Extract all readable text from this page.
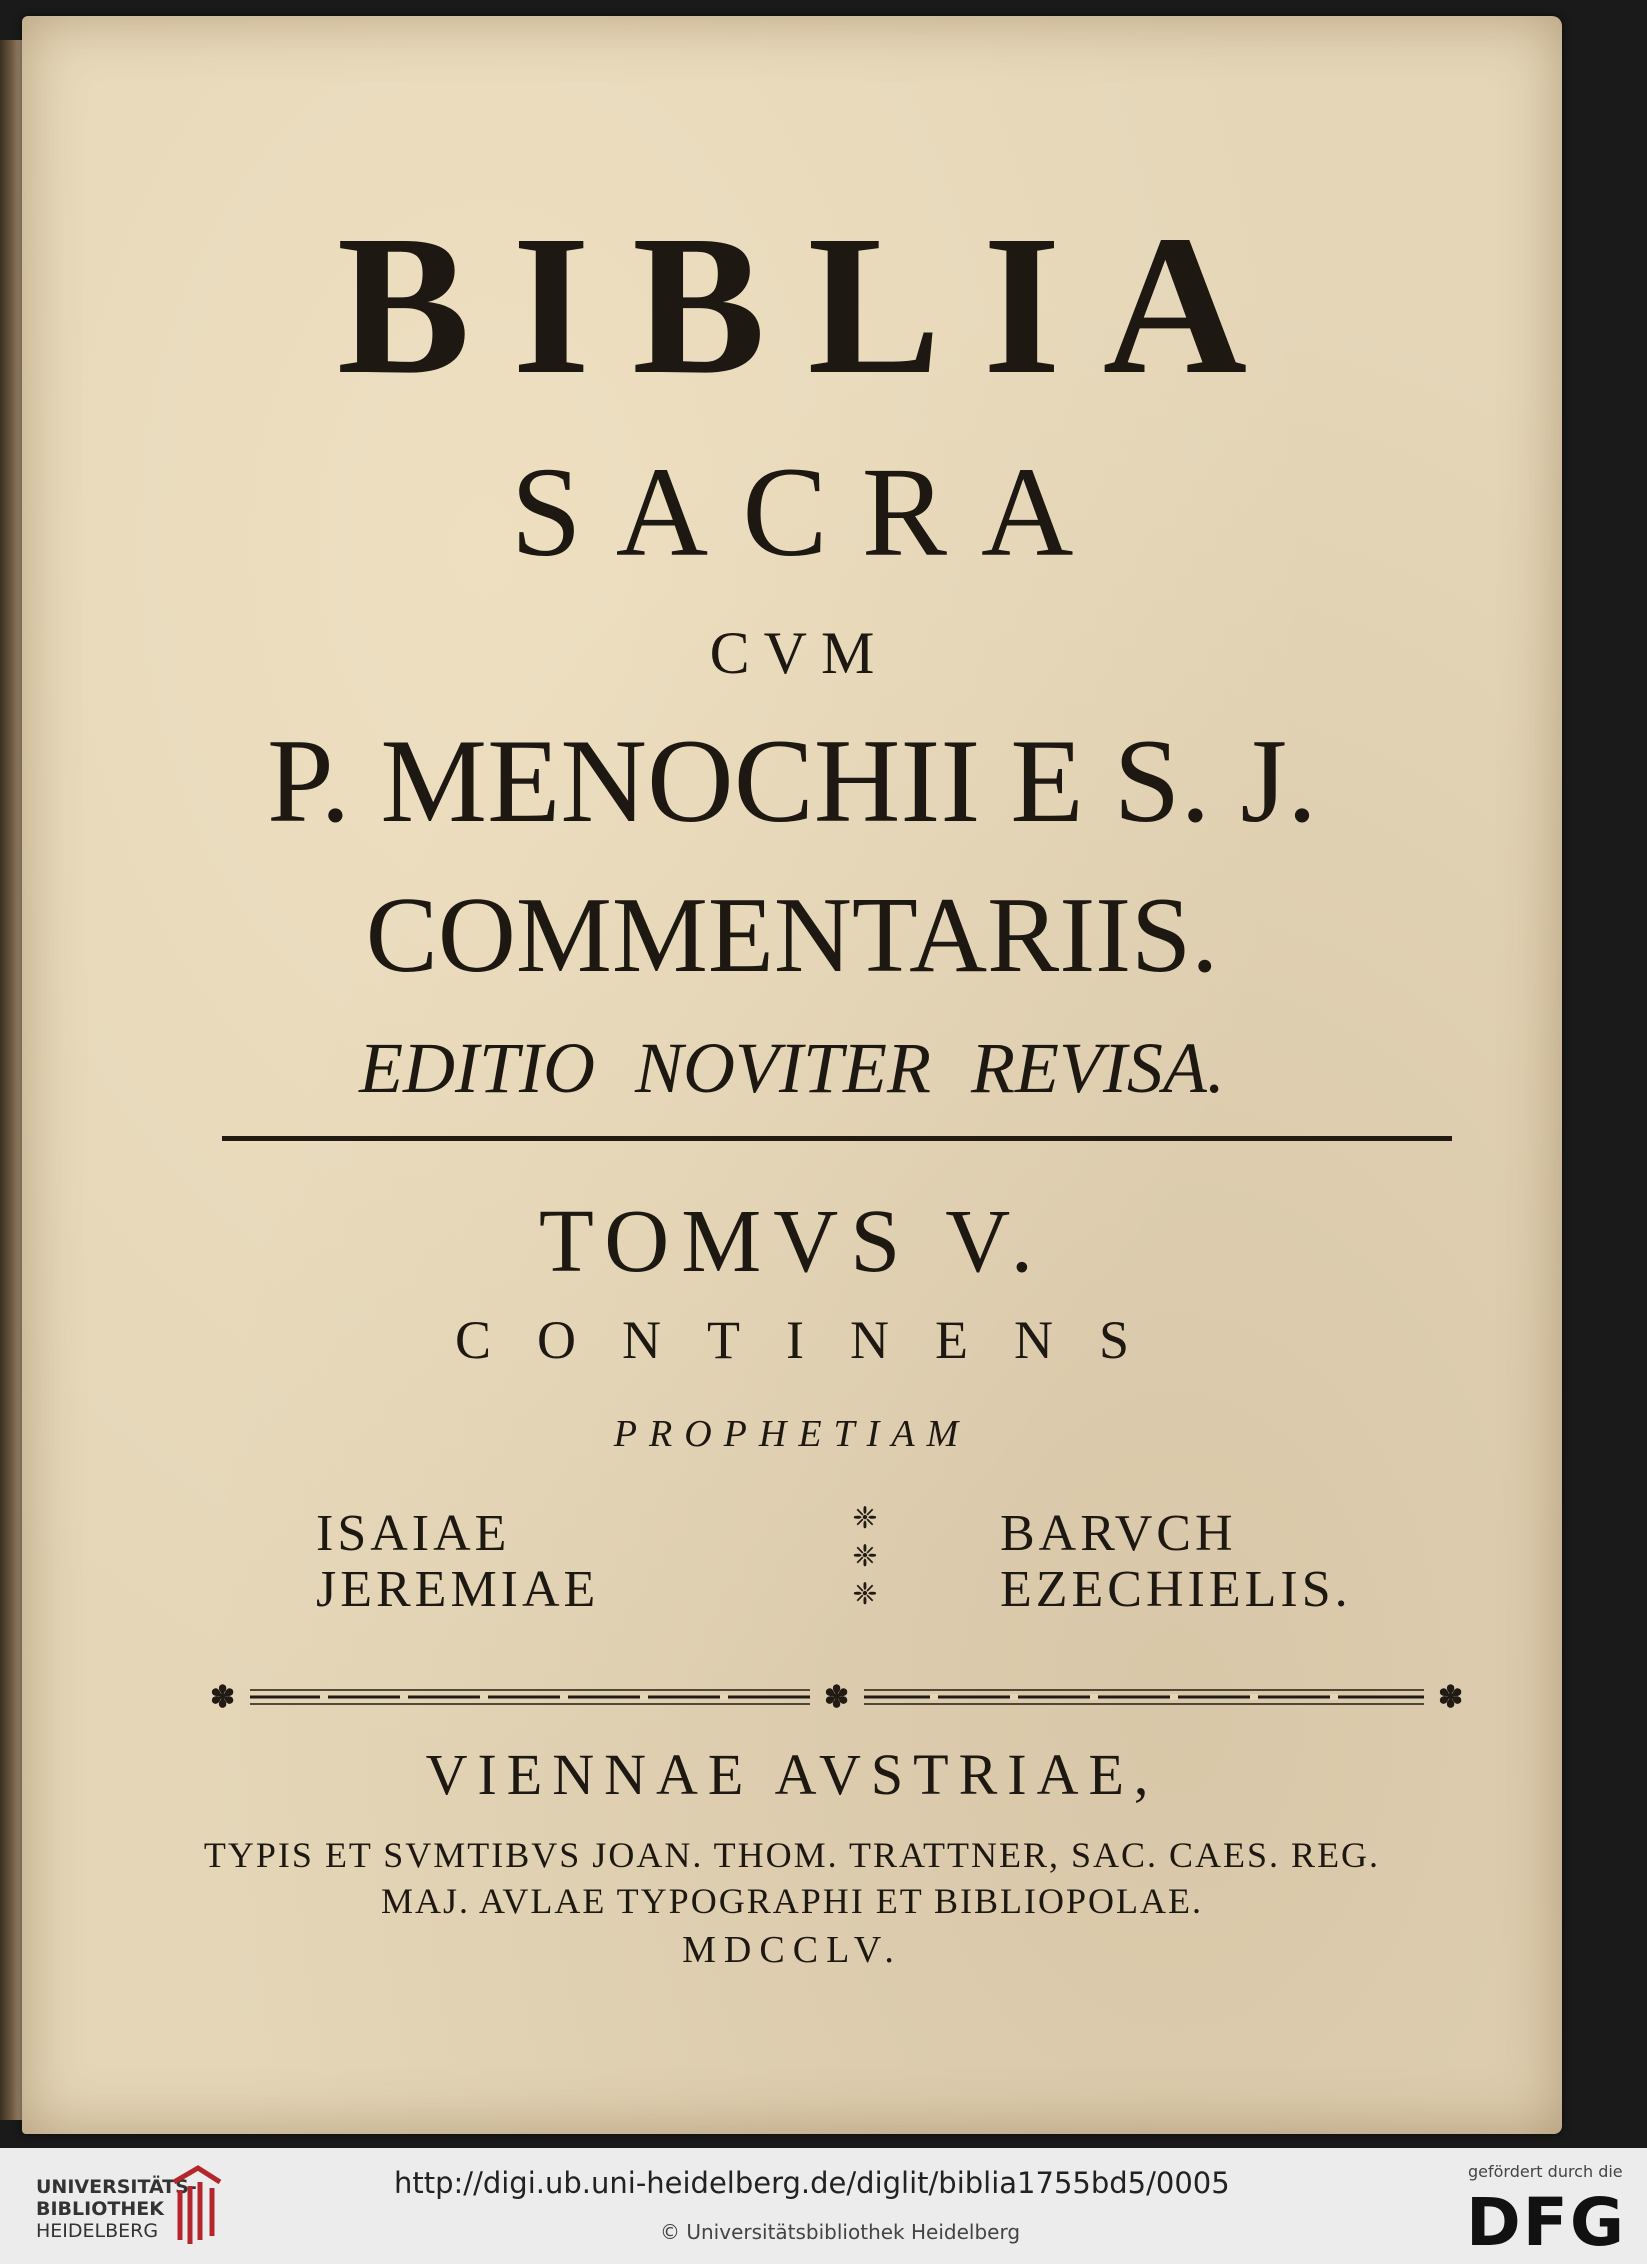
BIBLIA
SACRA
CVM
P. MENOCHII E S. J.
COMMENTARIIS.
EDITIO NOVITER REVISA.
TOMVS V.
CONTINENS
PROPHETIAM
ISAIAE
JEREMIAE
❈
❈
❈
BARVCH
EZECHIELIS.
✽	✽	✽
VIENNAE AVSTRIAE,
TYPIS ET SVMTIBVS JOAN. THOM. TRATTNER, SAC. CAES. REG.
MAJ. AVLAE TYPOGRAPHI ET BIBLIOPOLAE.
MDCCLV.
UNIVERSITÄTS-
BIBLIOTHEK
HEIDELBERG
http://digi.ub.uni-heidelberg.de/diglit/biblia1755bd5/0005
© Universitätsbibliothek Heidelberg
gefördert durch die
DFG
